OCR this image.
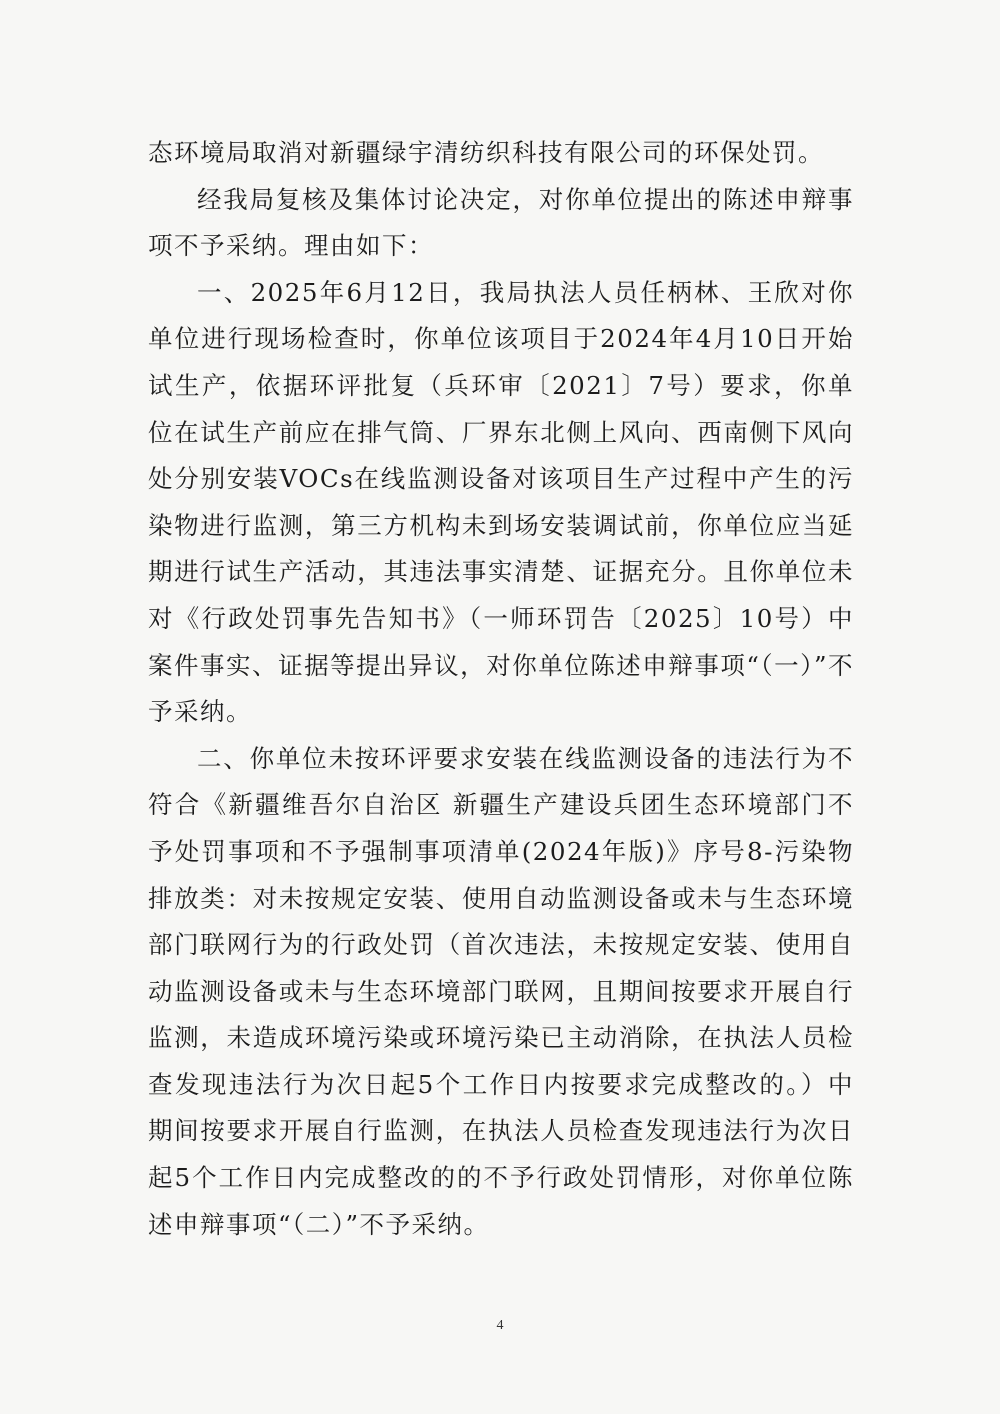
态环境局取消对新疆绿宇清纺织科技有限公司的环保处罚。

经我局复核及集体讨论决定，对你单位提出的陈述申辩事项不予采纳。理由如下：

一、2025年6月12日，我局执法人员任柄林、王欣对你单位进行现场检查时，你单位该项目于2024年4月10日开始试生产，依据环评批复（兵环审〔2021〕7号）要求，你单位在试生产前应在排气筒、厂界东北侧上风向、西南侧下风向处分别安装VOCs在线监测设备对该项目生产过程中产生的污染物进行监测，第三方机构未到场安装调试前，你单位应当延期进行试生产活动，其违法事实清楚、证据充分。且你单位未对《行政处罚事先告知书》（一师环罚告〔2025〕10号）中案件事实、证据等提出异议，对你单位陈述申辩事项“（一）”不予采纳。

二、你单位未按环评要求安装在线监测设备的违法行为不符合《新疆维吾尔自治区 新疆生产建设兵团生态环境部门不予处罚事项和不予强制事项清单(2024年版)》序号8-污染物排放类：对未按规定安装、使用自动监测设备或未与生态环境部门联网行为的行政处罚（首次违法，未按规定安装、使用自动监测设备或未与生态环境部门联网，且期间按要求开展自行监测，未造成环境污染或环境污染已主动消除，在执法人员检查发现违法行为次日起5个工作日内按要求完成整改的。）中期间按要求开展自行监测，在执法人员检查发现违法行为次日起5个工作日内完成整改的的不予行政处罚情形，对你单位陈述申辩事项“（二）”不予采纳。

4
